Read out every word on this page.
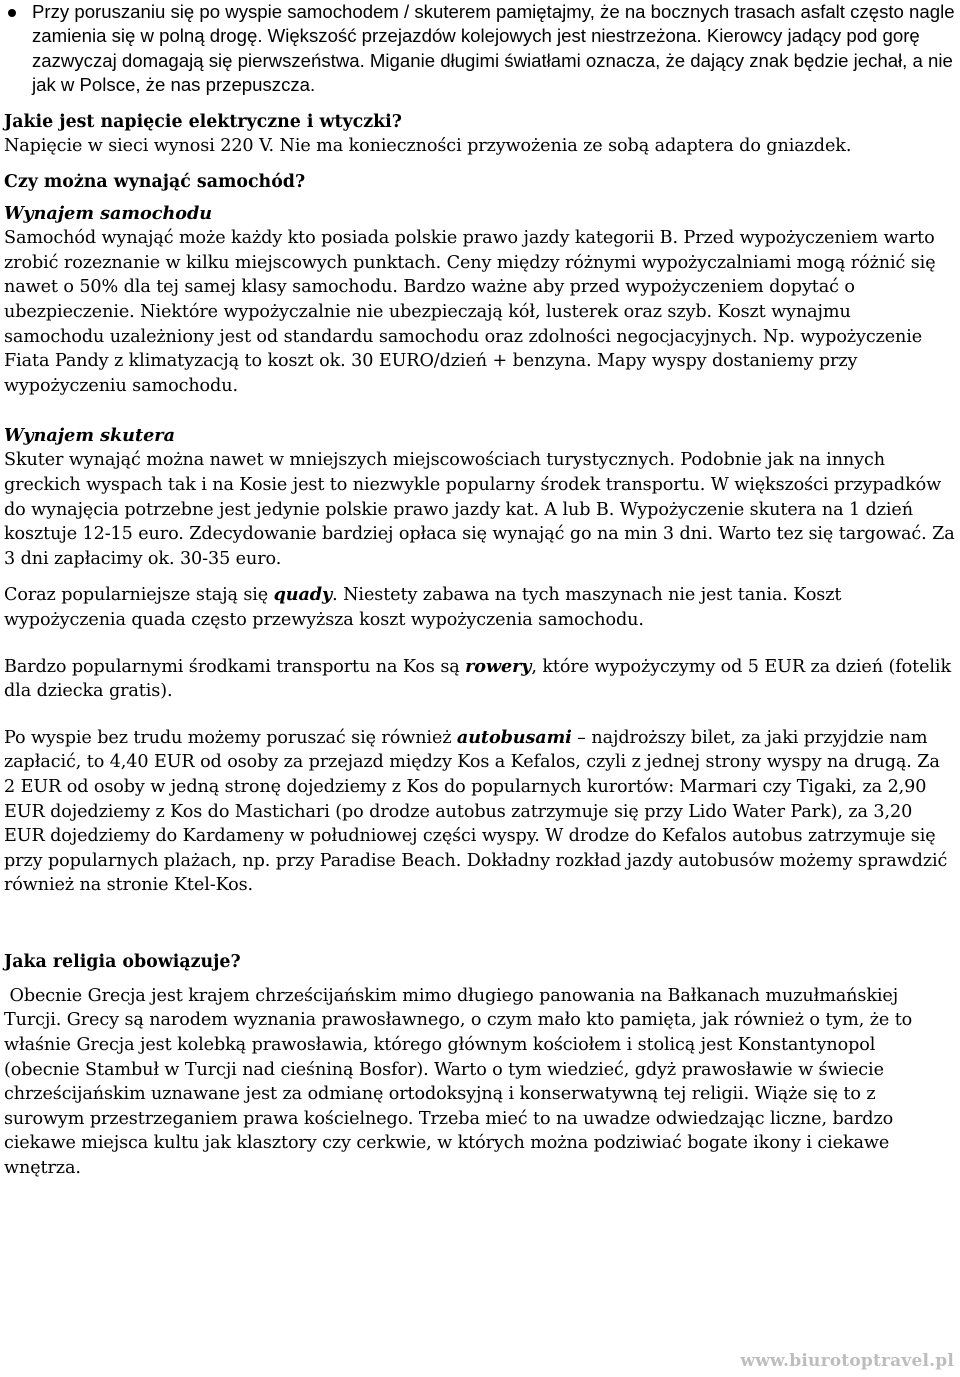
Przy poruszaniu się po wyspie samochodem / skuterem pamiętajmy, że na bocznych trasach asfalt często nagle zamienia się w polną drogę. Większość przejazdów kolejowych jest niestrzeżona. Kierowcy jadący pod gorę zazwyczaj domagają się pierwszeństwa. Miganie długimi światłami oznacza, że dający znak będzie jechał, a nie jak w Polsce, że nas przepuszcza.

Jakie jest napięcie elektryczne i wtyczki?

Napięcie w sieci wynosi 220 V. Nie ma konieczności przywożenia ze sobą adaptera do gniazdek.

Czy można wynająć samochód?
Wynajem samochodu

Samochód wynająć może każdy kto posiada polskie prawo jazdy kategorii B. Przed wypożyczeniem warto zrobić rozeznanie w kilku miejscowych punktach. Ceny między różnymi wypożyczalniami mogą różnić się nawet o 50% dla tej samej klasy samochodu. Bardzo ważne aby przed wypożyczeniem dopytać o ubezpieczenie. Niektóre wypożyczalnie nie ubezpieczają kół, lusterek oraz szyb. Koszt wynajmu samochodu uzależniony jest od standardu samochodu oraz zdolności negocjacyjnych. Np. wypożyczenie Fiata Pandy z klimatyzacją to koszt ok. 30 EURO/dzień + benzyna. Mapy wyspy dostaniemy przy wypożyczeniu samochodu.

Wynajem skutera

Skuter wynająć można nawet w mniejszych miejscowościach turystycznych. Podobnie jak na innych greckich wyspach tak i na Kosie jest to niezwykle popularny środek transportu. W większości przypadków do wynajęcia potrzebne jest jedynie polskie prawo jazdy kat. A lub B. Wypożyczenie skutera na 1 dzień kosztuje 12-15 euro. Zdecydowanie bardziej opłaca się wynająć go na min 3 dni. Warto tez się targować. Za 3 dni zapłacimy ok. 30-35 euro.

Coraz popularniejsze stają się quady. Niestety zabawa na tych maszynach nie jest tania. Koszt wypożyczenia quada często przewyższa koszt wypożyczenia samochodu.

Bardzo popularnymi środkami transportu na Kos są rowery, które wypożyczymy od 5 EUR za dzień (fotelik dla dziecka gratis).

Po wyspie bez trudu możemy poruszać się również autobusami – najdroższy bilet, za jaki przyjdzie nam zapłacić, to 4,40 EUR od osoby za przejazd między Kos a Kefalos, czyli z jednej strony wyspy na drugą. Za 2 EUR od osoby w jedną stronę dojedziemy z Kos do popularnych kurortów: Marmari czy Tigaki, za 2,90 EUR dojedziemy z Kos do Mastichari (po drodze autobus zatrzymuje się przy Lido Water Park), za 3,20 EUR dojedziemy do Kardameny w południowej części wyspy. W drodze do Kefalos autobus zatrzymuje się przy popularnych plażach, np. przy Paradise Beach. Dokładny rozkład jazdy autobusów możemy sprawdzić również na stronie Ktel-Kos.

Jaka religia obowiązuje?

Obecnie Grecja jest krajem chrześcijańskim mimo długiego panowania na Bałkanach muzułmańskiej Turcji. Grecy są narodem wyznania prawosławnego, o czym mało kto pamięta, jak również o tym, że to właśnie Grecja jest kolebką prawosławia, którego głównym kościołem i stolicą jest Konstantynopol (obecnie Stambuł w Turcji nad cieśniną Bosfor). Warto o tym wiedzieć, gdyż prawosławie w świecie chrześcijańskim uznawane jest za odmianę ortodoksyjną i konserwatywną tej religii. Wiąże się to z surowym przestrzeganiem prawa kościelnego. Trzeba mieć to na uwadze odwiedzając liczne, bardzo ciekawe miejsca kultu jak klasztory czy cerkwie, w których można podziwiać bogate ikony i ciekawe wnętrza.

www.biurotoptravel.pl
